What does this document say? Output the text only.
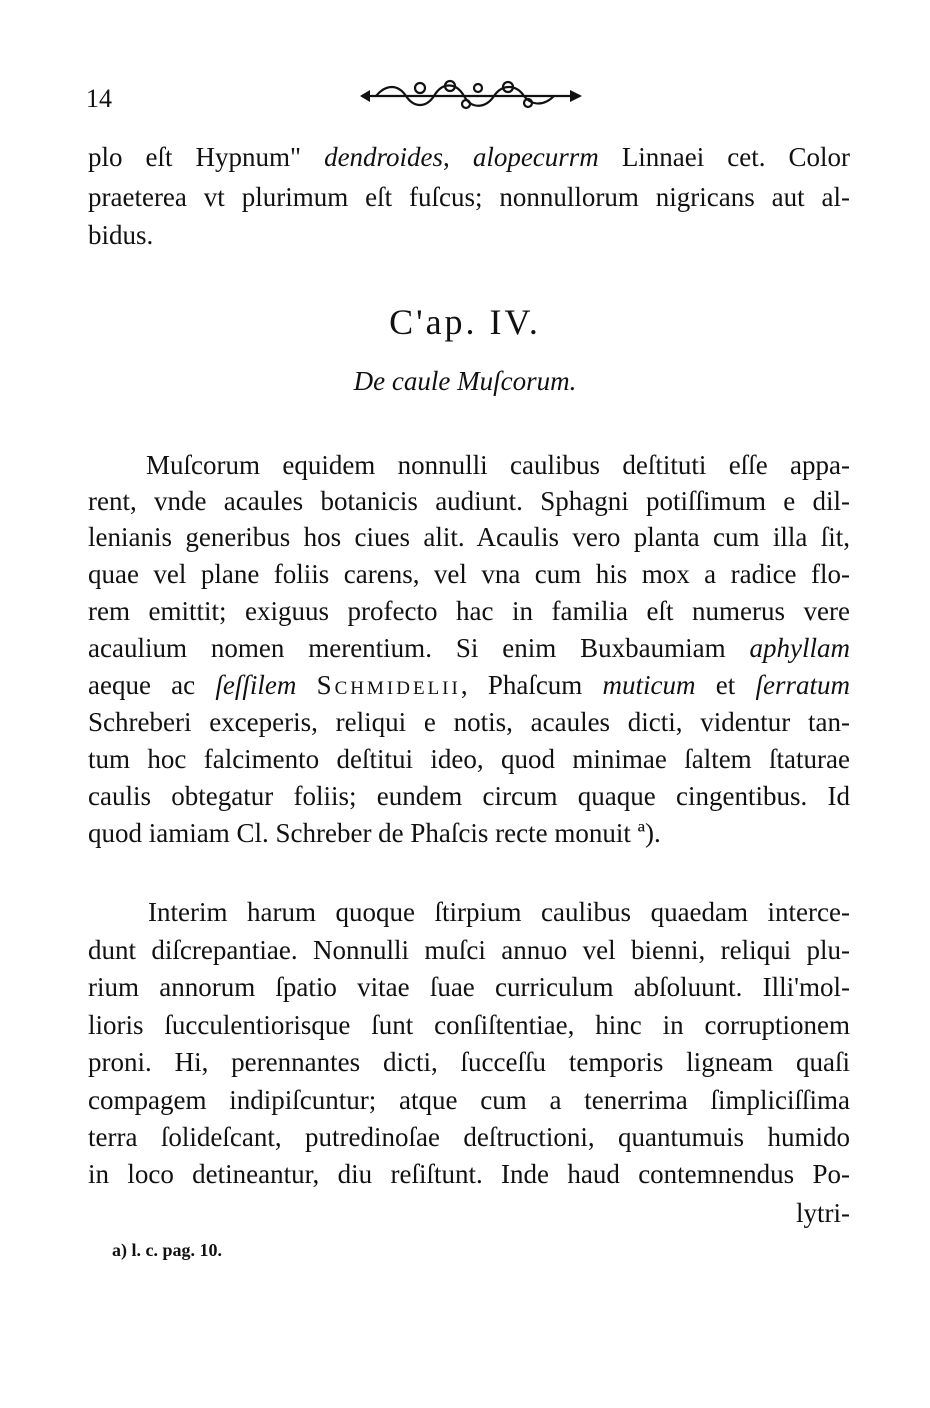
14
plo eſt Hypnum" dendroides, alopecurrm Linnaei cet. Color
praeterea vt plurimum eſt fuſcus; nonnullorum nigricans aut al-
bidus.
C'ap. IV.
De caule Muſcorum.
Muſcorum equidem nonnulli caulibus deſtituti eſſe appa-
rent, vnde acaules botanicis audiunt. Sphagni potiſſimum e dil-
lenianis generibus hos ciues alit. Acaulis vero planta cum illa ſit,
quae vel plane foliis carens, vel vna cum his mox a radice flo-
rem emittit; exiguus profecto hac in familia eſt numerus vere
acaulium nomen merentium. Si enim Buxbaumiam aphyllam
aeque ac ſeſſilem Schmidelii, Phaſcum muticum et ſerratum
Schreberi exceperis, reliqui e notis, acaules dicti, videntur tan-
tum hoc falcimento deſtitui ideo, quod minimae ſaltem ſtaturae
caulis obtegatur foliis; eundem circum quaque cingentibus. Id
quod iamiam Cl. Schreber de Phaſcis recte monuit ª).
Interim harum quoque ſtirpium caulibus quaedam interce-
dunt diſcrepantiae. Nonnulli muſci annuo vel bienni, reliqui plu-
rium annorum ſpatio vitae ſuae curriculum abſoluunt. Illi'mol-
lioris ſucculentiorisque ſunt conſiſtentiae, hinc in corruptionem
proni. Hi, perennantes dicti, ſucceſſu temporis ligneam quaſi
compagem indipiſcuntur; atque cum a tenerrima ſimpliciſſima
terra ſolideſcant, putredinoſae deſtructioni, quantumuis humido
in loco detineantur, diu reſiſtunt. Inde haud contemnendus Po-
lytri-
a) l. c. pag. 10.
